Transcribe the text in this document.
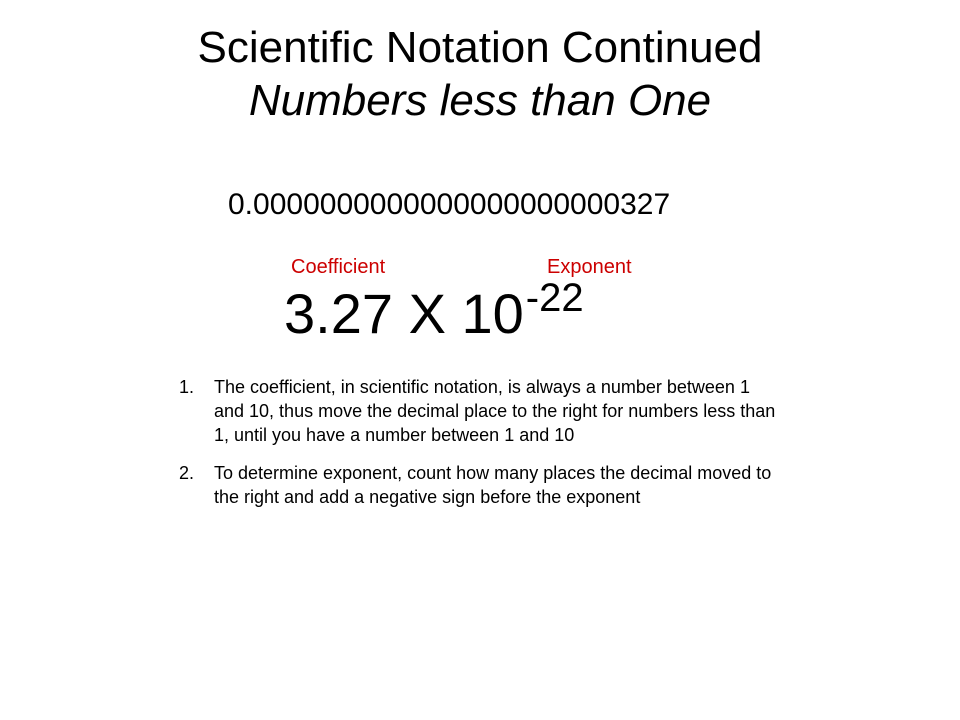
Scientific Notation Continued
Numbers less than One
0.0000000000000000000000327
Coefficient	Exponent
3.27 X $10^{-22}$
1. The coefficient, in scientific notation, is always a number between 1 and 10, thus move the decimal place to the right for numbers less than 1, until you have a number between 1 and 10
2. To determine exponent, count how many places the decimal moved to the right and add a negative sign before the exponent
